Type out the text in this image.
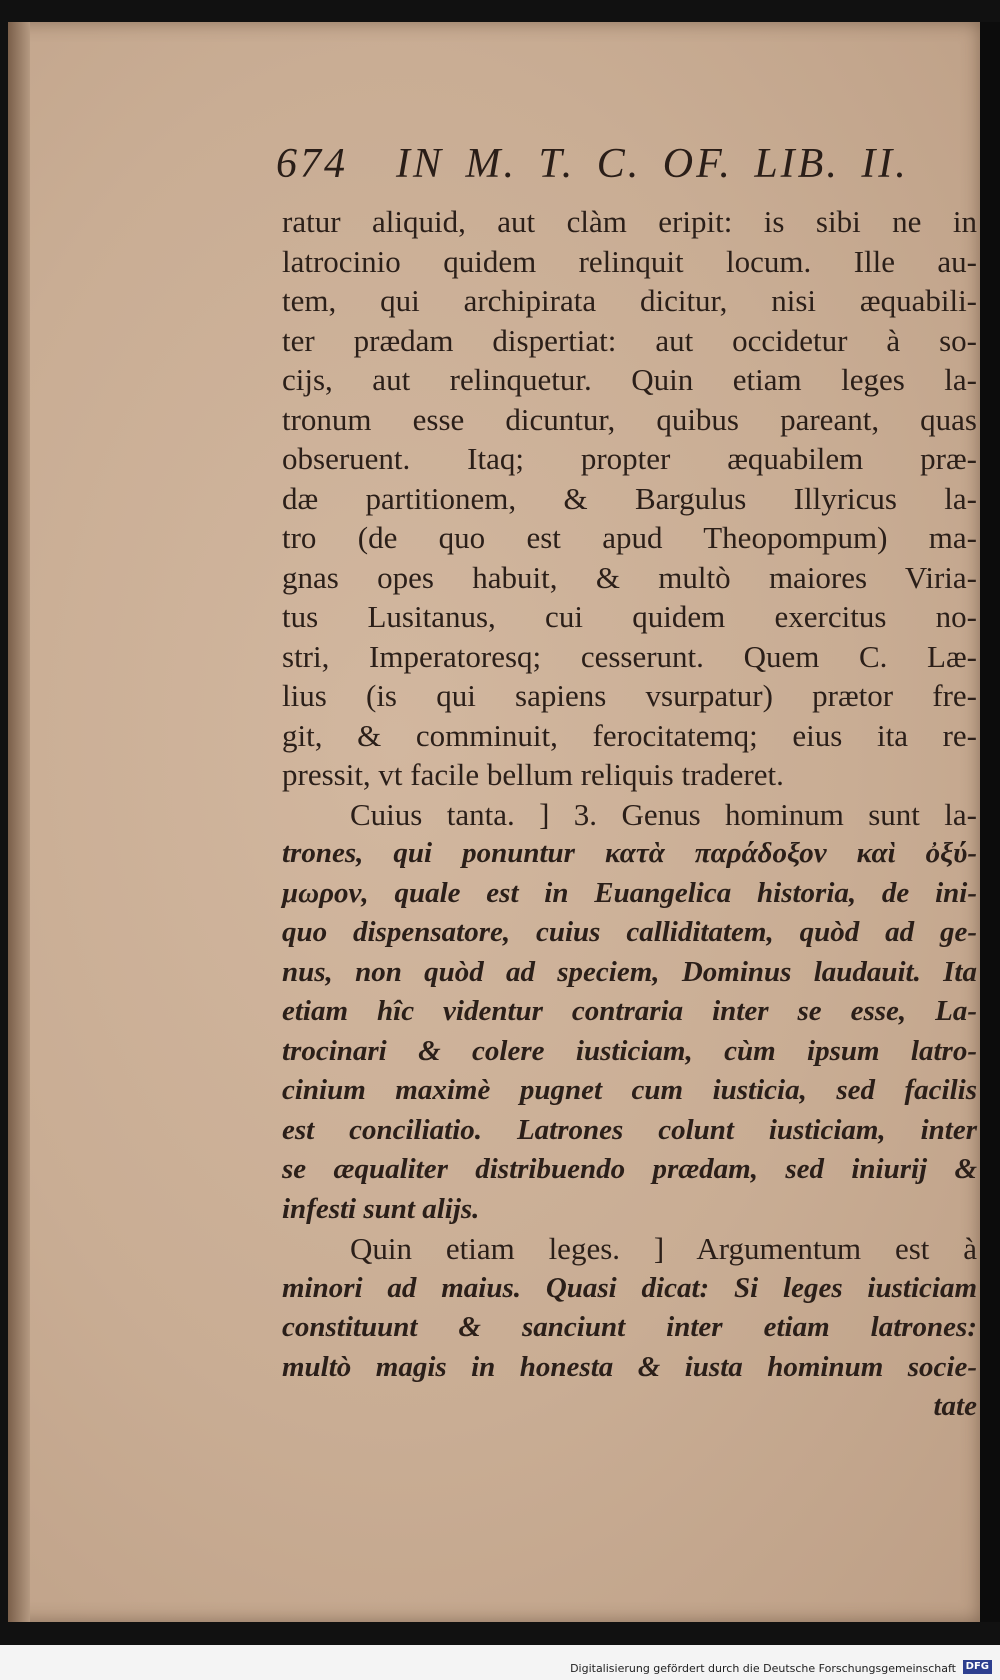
674 IN M. T. C. OF. LIB. II.
ratur aliquid, aut clàm eripit: is sibi ne in
latrocinio quidem relinquit locum. Ille au-
tem, qui archipirata dicitur, nisi æquabili-
ter prædam dispertiat: aut occidetur à so-
cijs, aut relinquetur. Quin etiam leges la-
tronum esse dicuntur, quibus pareant, quas
obseruent. Itaq; propter æquabilem præ-
dæ partitionem, & Bargulus Illyricus la-
tro (de quo est apud Theopompum) ma-
gnas opes habuit, & multò maiores Viria-
tus Lusitanus, cui quidem exercitus no-
stri, Imperatoresq; cesserunt. Quem C. Læ-
lius (is qui sapiens vsurpatur) prætor fre-
git, & comminuit, ferocitatemq; eius ita re-
pressit, vt facile bellum reliquis traderet.
Cuius tanta. ] 3. Genus hominum sunt la-
trones, qui ponuntur κατὰ παράδοξον καὶ ὀξύ-
μωρον, quale est in Euangelica historia, de ini-
quo dispensatore, cuius calliditatem, quòd ad ge-
nus, non quòd ad speciem, Dominus laudauit. Ita
etiam hîc videntur contraria inter se esse, La-
trocinari & colere iusticiam, cùm ipsum latro-
cinium maximè pugnet cum iusticia, sed facilis
est conciliatio. Latrones colunt iusticiam, inter
se æqualiter distribuendo prædam, sed iniurij &
infesti sunt alijs.
Quin etiam leges. ] Argumentum est à
minori ad maius. Quasi dicat: Si leges iusticiam
constituunt & sanciunt inter etiam latrones:
multò magis in honesta & iusta hominum socie-
tate
Digitalisierung gefördert durch die Deutsche Forschungsgemeinschaft DFG
